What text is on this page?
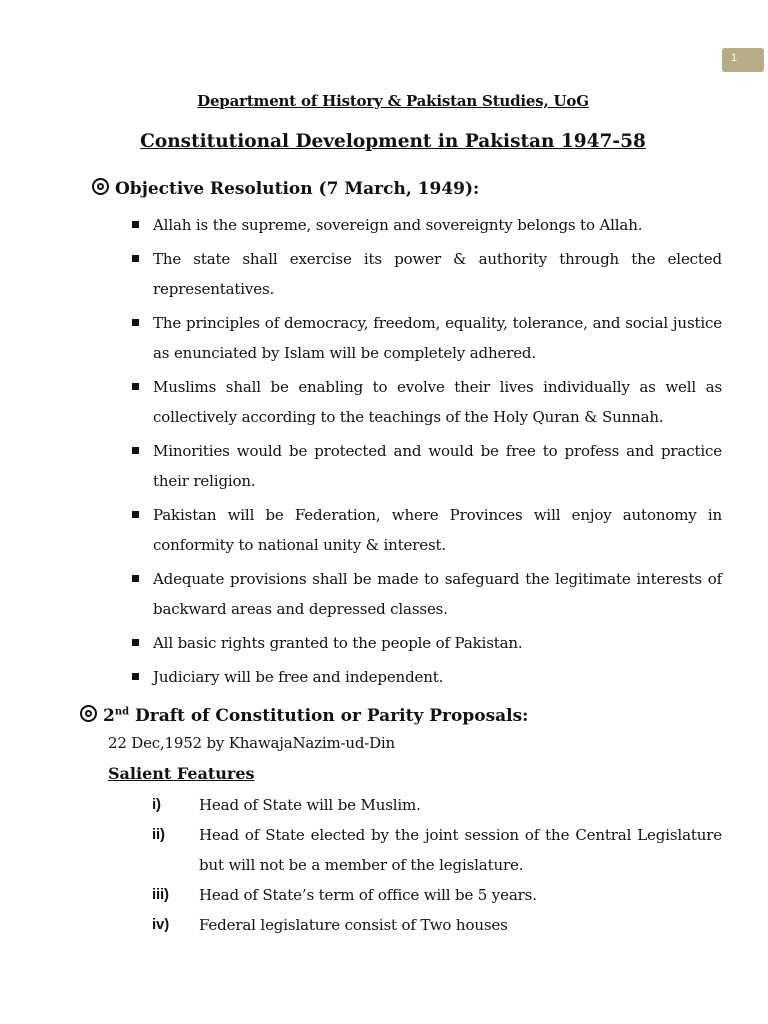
1
Department of History & Pakistan Studies, UoG
Constitutional Development in Pakistan 1947-58
Objective Resolution (7 March, 1949):
Allah is the supreme, sovereign and sovereignty belongs to Allah.
The state shall exercise its power & authority through the elected representatives.
The principles of democracy, freedom, equality, tolerance, and social justice as enunciated by Islam will be completely adhered.
Muslims shall be enabling to evolve their lives individually as well as collectively according to the teachings of the Holy Quran & Sunnah.
Minorities would be protected and would be free to profess and practice their religion.
Pakistan will be Federation, where Provinces will enjoy autonomy in conformity to national unity & interest.
Adequate provisions shall be made to safeguard the legitimate interests of backward areas and depressed classes.
All basic rights granted to the people of Pakistan.
Judiciary will be free and independent.
2nd Draft of Constitution or Parity Proposals:
22 Dec,1952 by KhawajaNazim-ud-Din
Salient Features
i)	Head of State will be Muslim.
ii) Head of State elected by the joint session of the Central Legislature but will not be a member of the legislature.
iii) Head of State’s term of office will be 5 years.
iv) Federal legislature consist of Two houses
